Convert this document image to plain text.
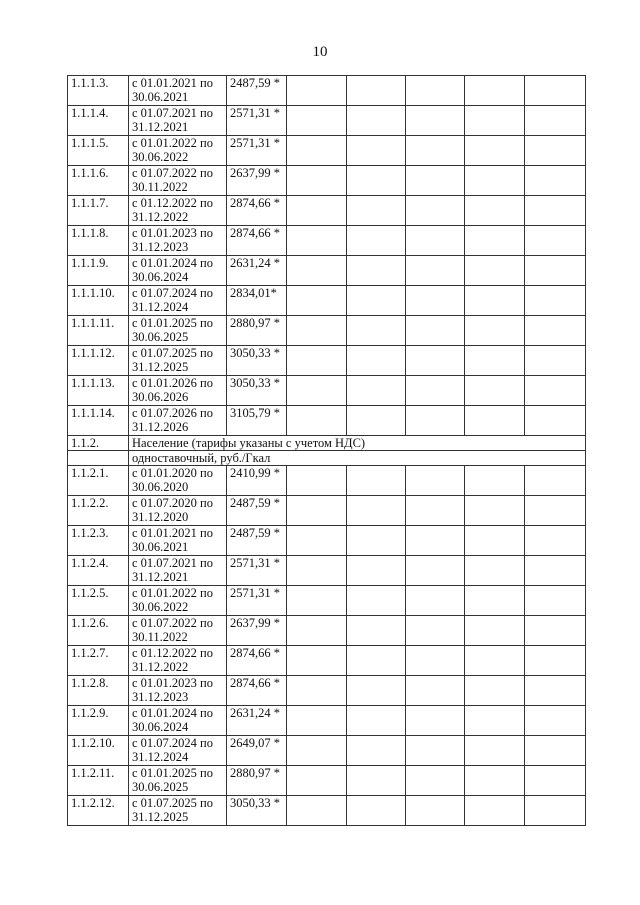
10
1.1.1.3.	с 01.01.2021 по
30.06.2021	2487,59 *					
1.1.1.4.	с 01.07.2021 по
31.12.2021	2571,31 *					
1.1.1.5.	с 01.01.2022 по
30.06.2022	2571,31 *					
1.1.1.6.	с 01.07.2022 по
30.11.2022	2637,99 *					
1.1.1.7.	с 01.12.2022 по
31.12.2022	2874,66 *					
1.1.1.8.	с 01.01.2023 по
31.12.2023	2874,66 *					
1.1.1.9.	с 01.01.2024 по
30.06.2024	2631,24 *					
1.1.1.10.	с 01.07.2024 по
31.12.2024	2834,01*					
1.1.1.11.	с 01.01.2025 по
30.06.2025	2880,97 *					
1.1.1.12.	с 01.07.2025 по
31.12.2025	3050,33 *					
1.1.1.13.	с 01.01.2026 по
30.06.2026	3050,33 *					
1.1.1.14.	с 01.07.2026 по
31.12.2026	3105,79 *					
1.1.2.	Население (тарифы указаны с учетом НДС)						
	одноставочный, руб./Гкал						
1.1.2.1.	с 01.01.2020 по
30.06.2020	2410,99 *					
1.1.2.2.	с 01.07.2020 по
31.12.2020	2487,59 *					
1.1.2.3.	с 01.01.2021 по
30.06.2021	2487,59 *					
1.1.2.4.	с 01.07.2021 по
31.12.2021	2571,31 *					
1.1.2.5.	с 01.01.2022 по
30.06.2022	2571,31 *					
1.1.2.6.	с 01.07.2022 по
30.11.2022	2637,99 *					
1.1.2.7.	с 01.12.2022 по
31.12.2022	2874,66 *					
1.1.2.8.	с 01.01.2023 по
31.12.2023	2874,66 *					
1.1.2.9.	с 01.01.2024 по
30.06.2024	2631,24 *					
1.1.2.10.	с 01.07.2024 по
31.12.2024	2649,07 *					
1.1.2.11.	с 01.01.2025 по
30.06.2025	2880,97 *					
1.1.2.12.	с 01.07.2025 по
31.12.2025	3050,33 *					
